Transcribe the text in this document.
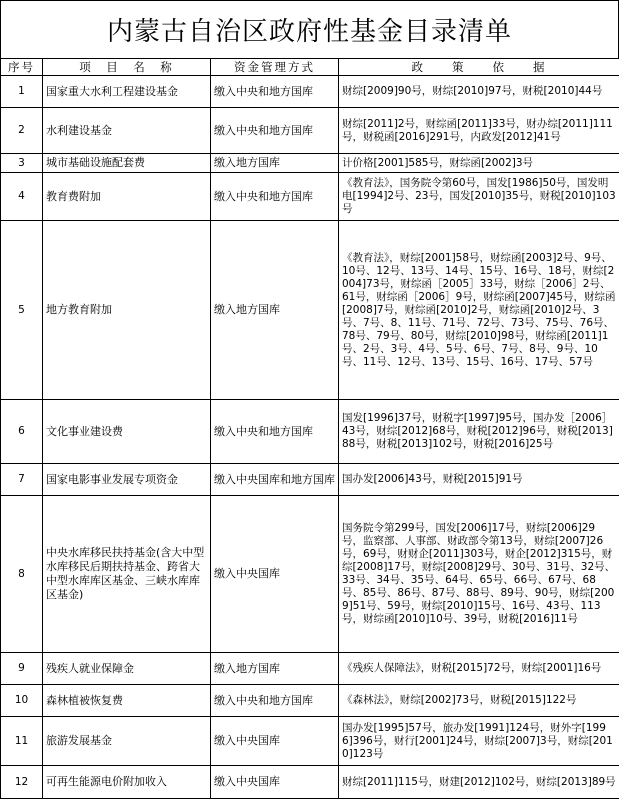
内蒙古自治区政府性基金目录清单
序号	项　目　名　称	资金管理方式	政　　策　　依　　据
1	国家重大水利工程建设基金	缴入中央和地方国库	财综[2009]90号，财综[2010]97号，财税[2010]44号
2	水利建设基金	缴入中央和地方国库	财综[2011]2号，财综函[2011]33号，财办综[2011]111号，财税函[2016]291号，内政发[2012]41号
3	城市基础设施配套费	缴入地方国库	计价格[2001]585号，财综函[2002]3号
4	教育费附加	缴入中央和地方国库	《教育法》，国务院令第60号，国发[1986]50号，国发明电[1994]2号、23号，国发[2010]35号，财税[2010]103号
5	地方教育附加	缴入地方国库	《教育法》，财综[2001]58号，财综函[2003]2号、9号、10号、12号、13号、14号、15号、16号、18号，财综[2004]73号，财综函［2005］33号，财综［2006］2号、61号，财综函［2006］9号，财综函[2007]45号，财综函[2008]7号，财综函[2010]2号，财综函[2010]2号、3号、7号、8、11号、71号、72号、73号、75号、76号、78号、79号、80号，财综[2010]98号，财综函[2011]1号、2号、3号、4号、5号、6号、7号、8号、9号、10号、11号、12号、13号、15号、16号、17号、57号
6	文化事业建设费	缴入中央和地方国库	国发[1996]37号，财税字[1997]95号，国办发［2006］43号，财综[2012]68号，财税[2012]96号，财税[2013]88号，财税[2013]102号，财税[2016]25号
7	国家电影事业发展专项资金	缴入中央国库和地方国库	国办发[2006]43号，财税[2015]91号
8	中央水库移民扶持基金(含大中型水库移民后期扶持基金、跨省大中型水库库区基金、三峡水库库区基金)	缴入中央国库	国务院令第299号，国发[2006]17号，财综[2006]29号，监察部、人事部、财政部令第13号，财综[2007]26号，69号，财财企[2011]303号，财企[2012]315号，财综[2008]17号，财综[2008]29号、30号、31号、32号、33号、34号、35号、64号、65号、66号、67号、68号、85号、86号、87号、88号、89号、90号，财综[2009]51号、59号，财综[2010]15号、16号、43号、113号，财综函[2010]10号、39号，财税[2016]11号
9	残疾人就业保障金	缴入地方国库	《残疾人保障法》，财税[2015]72号，财综[2001]16号
10	森林植被恢复费	缴入中央和地方国库	《森林法》，财综[2002]73号，财税[2015]122号
11	旅游发展基金	缴入中央国库	国办发[1995]57号，旅办发[1991]124号，财外字[1996]396号，财行[2001]24号，财综[2007]3号，财综[2010]123号
12	可再生能源电价附加收入	缴入中央国库	财综[2011]115号，财建[2012]102号，财综[2013]89号
